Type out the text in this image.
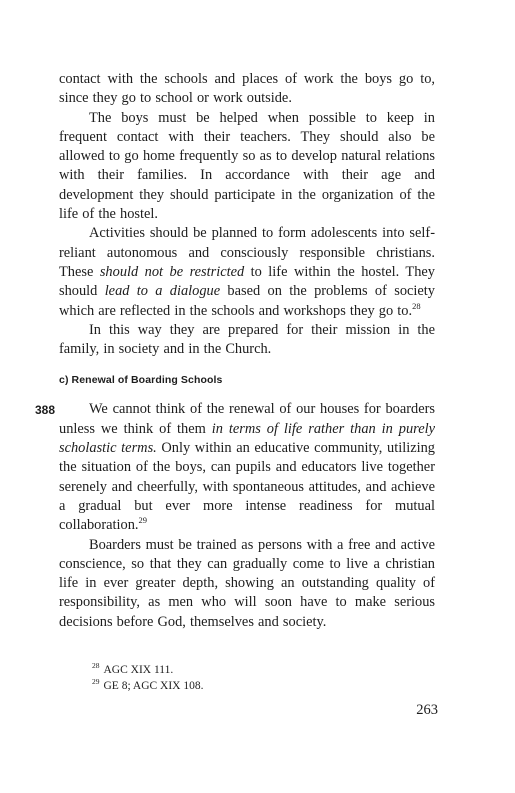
contact with the schools and places of work the boys go to, since they go to school or work outside.

The boys must be helped when possible to keep in frequent contact with their teachers. They should also be allowed to go home frequently so as to develop natural relations with their families. In accordance with their age and development they should participate in the organization of the life of the hostel.

Activities should be planned to form adolescents into self-reliant autonomous and consciously responsible christians. These should not be restricted to life within the hostel. They should lead to a dialogue based on the problems of society which are reflected in the schools and workshops they go to.$^{28}$

In this way they are prepared for their mission in the family, in society and in the Church.

c) Renewal of Boarding Schools
388	We cannot think of the renewal of our houses for boarders unless we think of them in terms of life rather than in purely scholastic terms. Only within an educative community, utilizing the situation of the boys, can pupils and educators live together serenely and cheerfully, with spontaneous attitudes, and achieve a gradual but ever more intense readiness for mutual collaboration.$^{29}$

Boarders must be trained as persons with a free and active conscience, so that they can gradually come to live a christian life in ever greater depth, showing an outstanding quality of responsibility, as men who will soon have to make serious decisions before God, themselves and society.

$^{28}$ AGC XIX 111.
$^{29}$ GE 8; AGC XIX 108.
263
